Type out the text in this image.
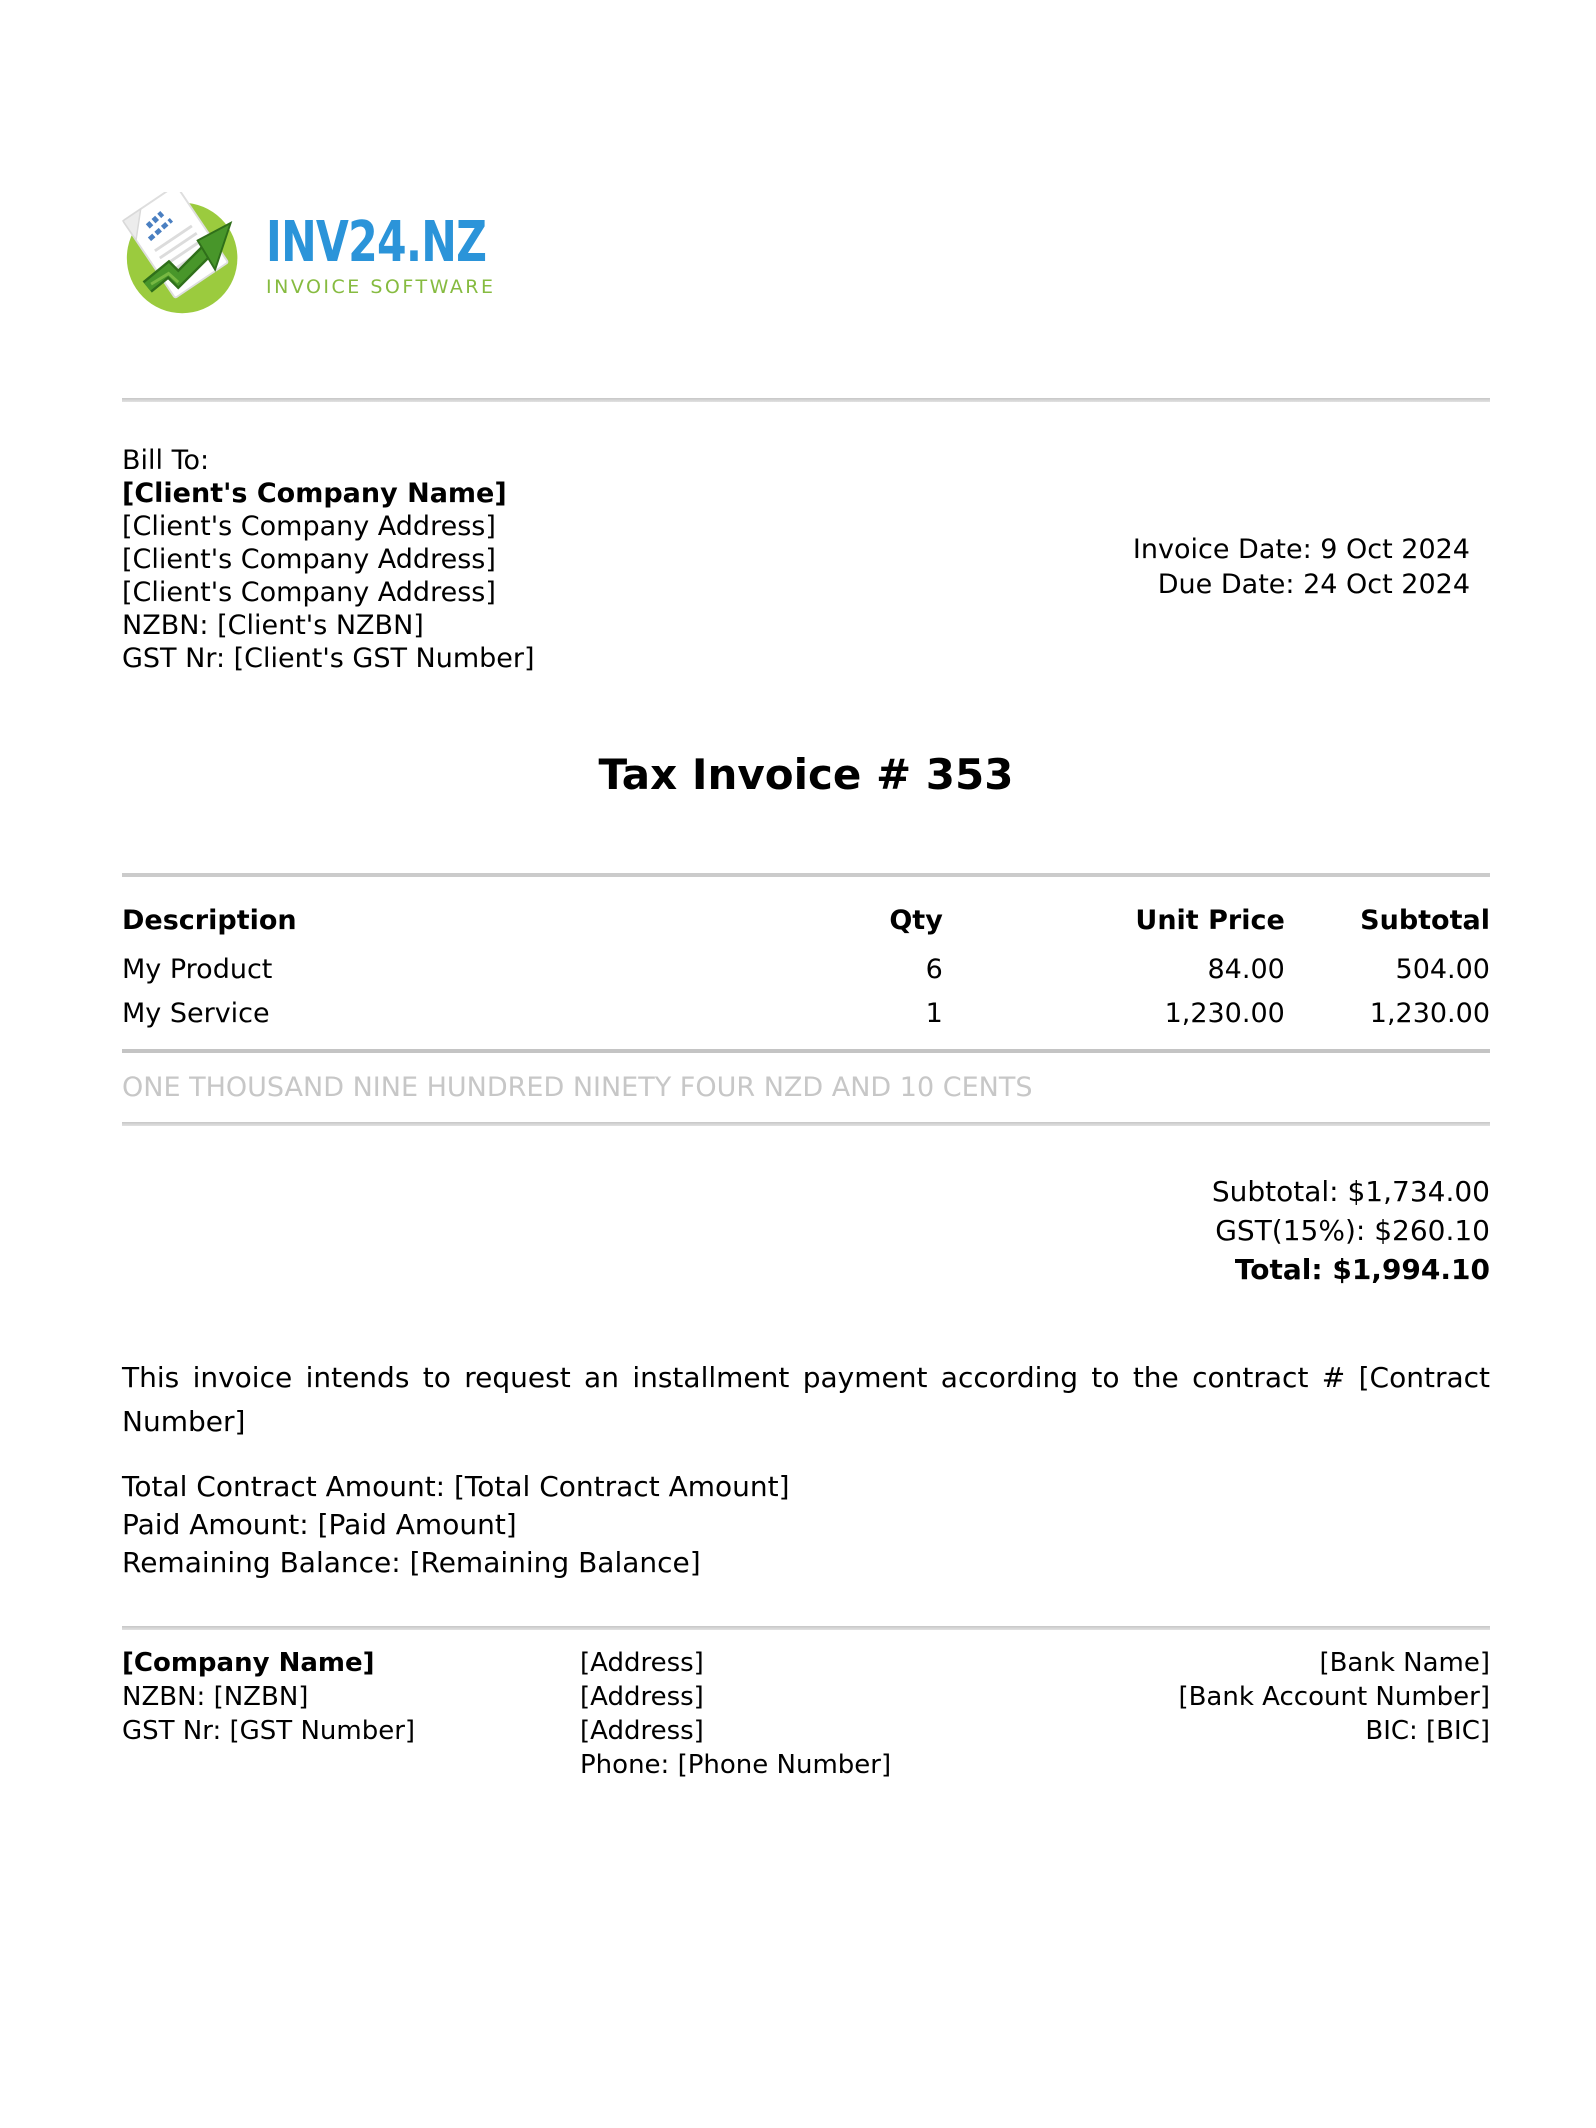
INV24.NZ
INVOICE SOFTWARE
Bill To:
[Client's Company Name]
[Client's Company Address]
[Client's Company Address]
[Client's Company Address]
NZBN: [Client's NZBN]
GST Nr: [Client's GST Number]
Invoice Date: 9 Oct 2024
Due Date: 24 Oct 2024
Tax Invoice # 353
Description	Qty	Unit Price	Subtotal
My Product	6	84.00	504.00
My Service	1	1,230.00	1,230.00
ONE THOUSAND NINE HUNDRED NINETY FOUR NZD AND 10 CENTS
Subtotal: $1,734.00
GST(15%): $260.10
Total: $1,994.10

This invoice intends to request an installment payment according to the contract # [Contract Number]

Total Contract Amount: [Total Contract Amount]
Paid Amount: [Paid Amount]
Remaining Balance: [Remaining Balance]
[Company Name]
NZBN: [NZBN]
GST Nr: [GST Number]
[Address]
[Address]
[Address]
Phone: [Phone Number]
[Bank Name]
[Bank Account Number]
BIC: [BIC]
